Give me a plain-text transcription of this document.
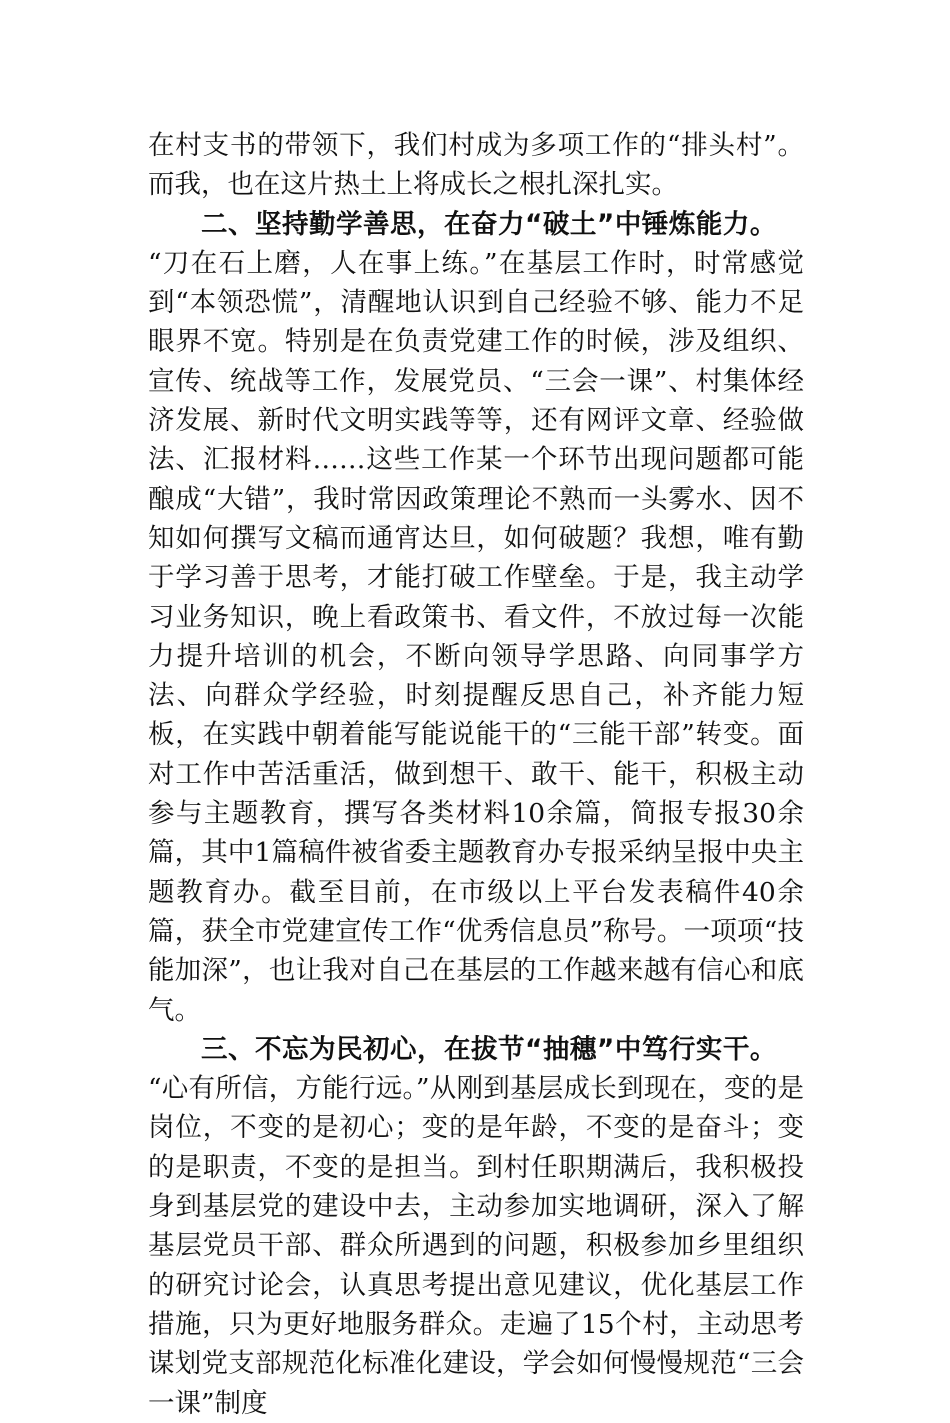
在村支书的带领下，我们村成为多项工作的“排头村”。而我，也在这片热土上将成长之根扎深扎实。

二、坚持勤学善思，在奋力“破土”中锤炼能力。

“刀在石上磨，人在事上练。”在基层工作时，时常感觉到“本领恐慌”，清醒地认识到自己经验不够、能力不足眼界不宽。特别是在负责党建工作的时候，涉及组织、宣传、统战等工作，发展党员、“三会一课”、村集体经济发展、新时代文明实践等等，还有网评文章、经验做法、汇报材料……这些工作某一个环节出现问题都可能酿成“大错”，我时常因政策理论不熟而一头雾水、因不知如何撰写文稿而通宵达旦，如何破题？我想，唯有勤于学习善于思考，才能打破工作壁垒。于是，我主动学习业务知识，晚上看政策书、看文件，不放过每一次能力提升培训的机会，不断向领导学思路、向同事学方法、向群众学经验，时刻提醒反思自己，补齐能力短板，在实践中朝着能写能说能干的“三能干部”转变。面对工作中苦活重活，做到想干、敢干、能干，积极主动参与主题教育，撰写各类材料10余篇，简报专报30余篇，其中1篇稿件被省委主题教育办专报采纳呈报中央主题教育办。截至目前，在市级以上平台发表稿件40余篇，获全市党建宣传工作“优秀信息员”称号。一项项“技能加深”，也让我对自己在基层的工作越来越有信心和底气。

三、不忘为民初心，在拔节“抽穗”中笃行实干。

“心有所信，方能行远。”从刚到基层成长到现在，变的是岗位，不变的是初心；变的是年龄，不变的是奋斗；变的是职责，不变的是担当。到村任职期满后，我积极投身到基层党的建设中去，主动参加实地调研，深入了解基层党员干部、群众所遇到的问题，积极参加乡里组织的研究讨论会，认真思考提出意见建议，优化基层工作措施，只为更好地服务群众。走遍了15个村，主动思考谋划党支部规范化标准化建设，学会如何慢慢规范“三会一课”制度
